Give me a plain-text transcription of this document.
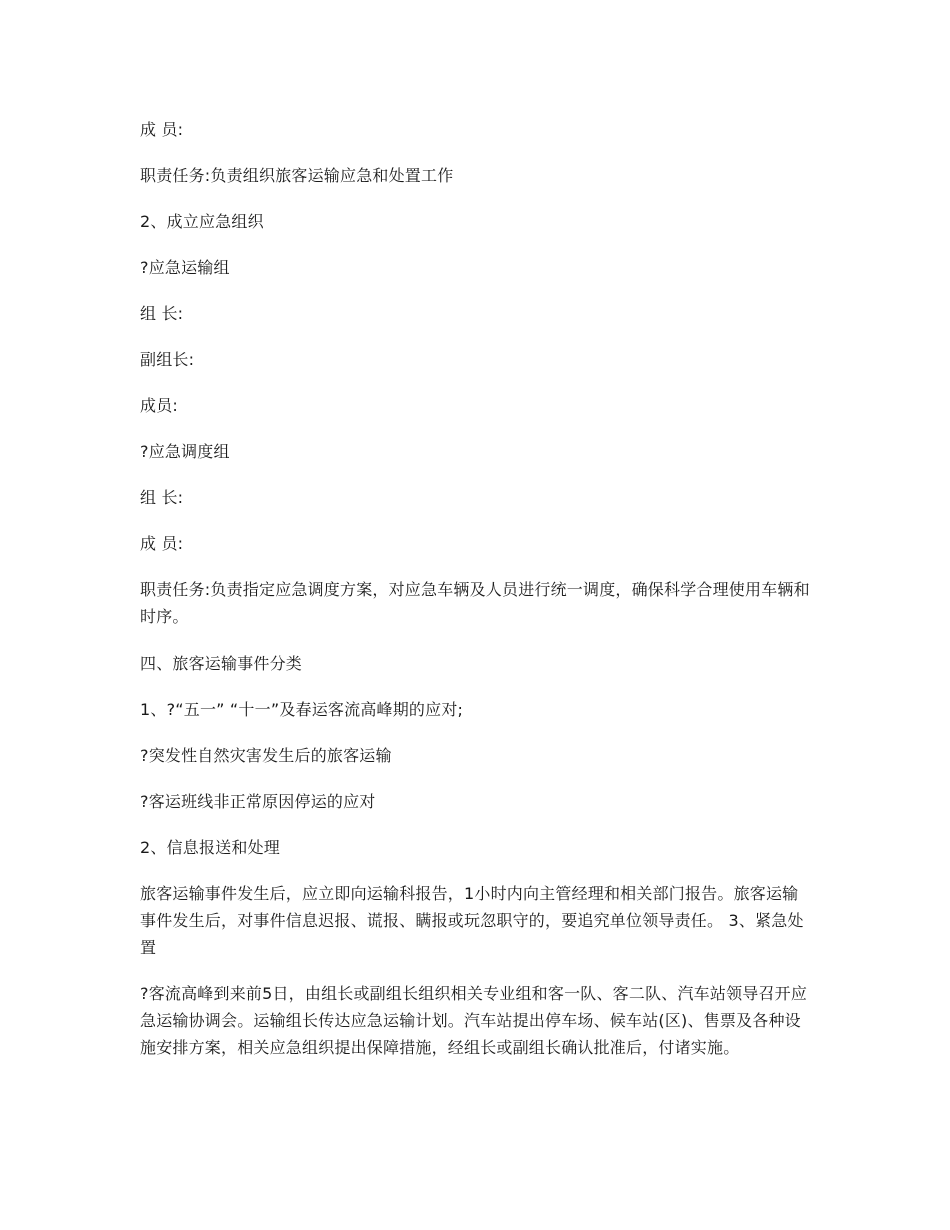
成 员:

职责任务:负责组织旅客运输应急和处置工作

2、成立应急组织

?应急运输组

组 长:

副组长:

成员:

?应急调度组

组 长:

成 员:

职责任务:负责指定应急调度方案，对应急车辆及人员进行统一调度，确保科学合理使用车辆和时序。

四、旅客运输事件分类

1、?“五一” “十一”及春运客流高峰期的应对;

?突发性自然灾害发生后的旅客运输

?客运班线非正常原因停运的应对

2、信息报送和处理

旅客运输事件发生后，应立即向运输科报告，1小时内向主管经理和相关部门报告。旅客运输事件发生后，对事件信息迟报、谎报、瞒报或玩忽职守的，要追究单位领导责任。 3、紧急处置

?客流高峰到来前5日，由组长或副组长组织相关专业组和客一队、客二队、汽车站领导召开应急运输协调会。运输组长传达应急运输计划。汽车站提出停车场、候车站(区)、售票及各种设施安排方案，相关应急组织提出保障措施，经组长或副组长确认批准后，付诸实施。
